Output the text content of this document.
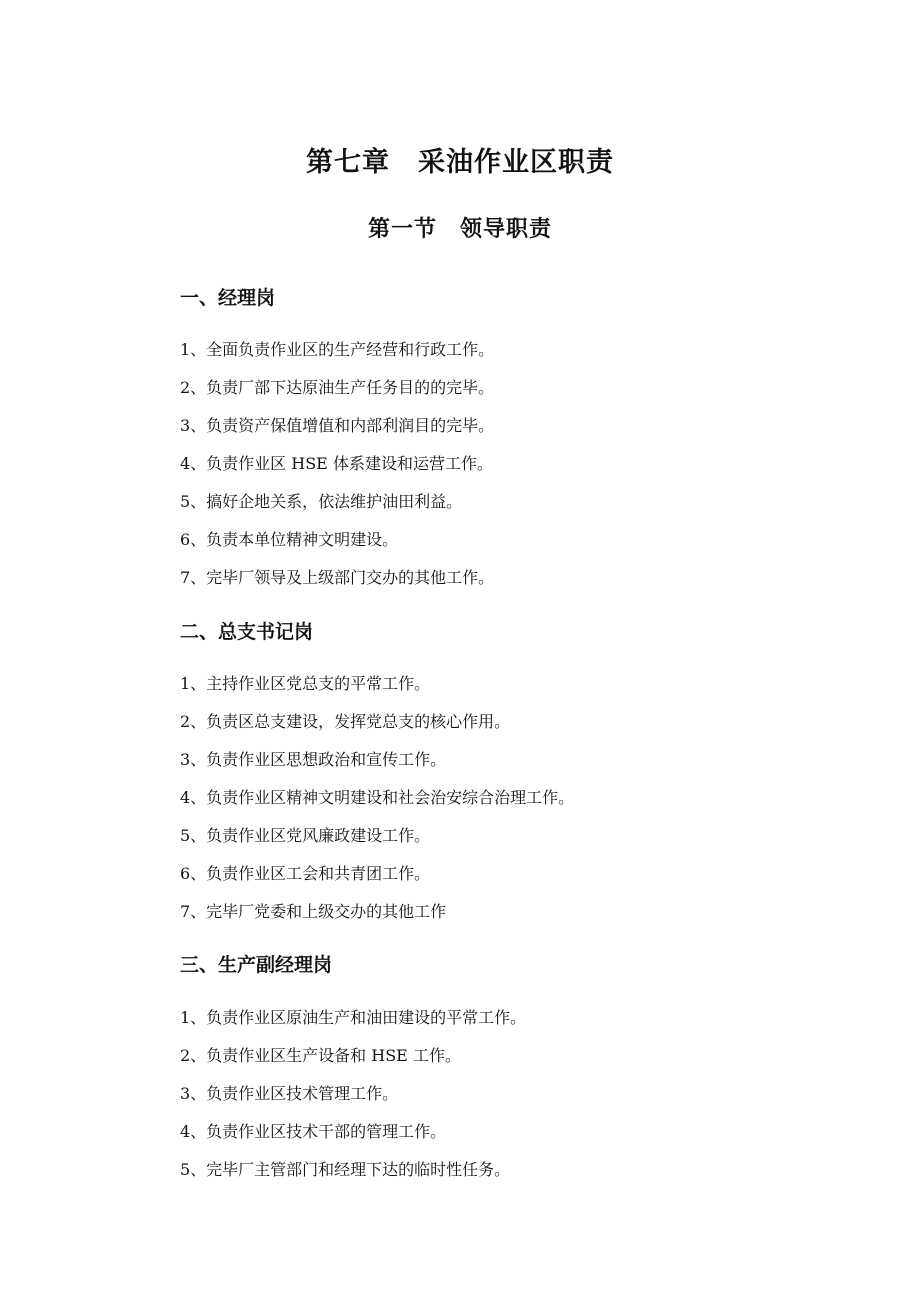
第七章　采油作业区职责
第一节　领导职责
一、经理岗
1、全面负责作业区的生产经营和行政工作。
2、负责厂部下达原油生产任务目的的完毕。
3、负责资产保值增值和内部利润目的完毕。
4、负责作业区 HSE 体系建设和运营工作。
5、搞好企地关系，依法维护油田利益。
6、负责本单位精神文明建设。
7、完毕厂领导及上级部门交办的其他工作。
二、总支书记岗
1、主持作业区党总支的平常工作。
2、负责区总支建设，发挥党总支的核心作用。
3、负责作业区思想政治和宣传工作。
4、负责作业区精神文明建设和社会治安综合治理工作。
5、负责作业区党风廉政建设工作。
6、负责作业区工会和共青团工作。
7、完毕厂党委和上级交办的其他工作
三、生产副经理岗
1、负责作业区原油生产和油田建设的平常工作。
2、负责作业区生产设备和 HSE 工作。
3、负责作业区技术管理工作。
4、负责作业区技术干部的管理工作。
5、完毕厂主管部门和经理下达的临时性任务。
